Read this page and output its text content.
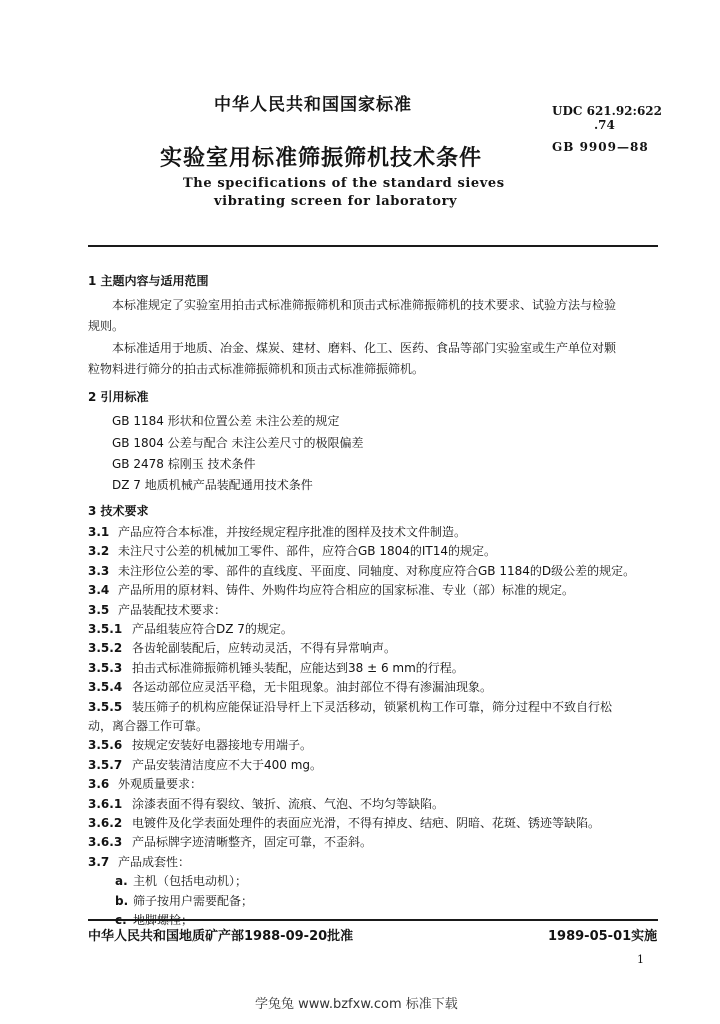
中华人民共和国国家标准	UDC 621.92:622
.74
实验室用标准筛振筛机技术条件	GB 9909—88
The specifications of the standard sieves
vibrating screen for laboratory
1 主题内容与适用范围
本标准规定了实验室用拍击式标准筛振筛机和顶击式标准筛振筛机的技术要求、试验方法与检验
规则。
本标准适用于地质、冶金、煤炭、建材、磨料、化工、医药、食品等部门实验室或生产单位对颗
粒物料进行筛分的拍击式标准筛振筛机和顶击式标准筛振筛机。
2 引用标准
GB 1184 形状和位置公差 未注公差的规定
GB 1804 公差与配合 未注公差尺寸的极限偏差
GB 2478 棕刚玉 技术条件
DZ 7 地质机械产品装配通用技术条件
3 技术要求
3.1 产品应符合本标准，并按经规定程序批准的图样及技术文件制造。
3.2 未注尺寸公差的机械加工零件、部件，应符合GB 1804的IT14的规定。
3.3 未注形位公差的零、部件的直线度、平面度、同轴度、对称度应符合GB 1184的D级公差的规定。
3.4 产品所用的原材料、铸件、外购件均应符合相应的国家标准、专业（部）标准的规定。
3.5 产品装配技术要求：
3.5.1 产品组装应符合DZ 7的规定。
3.5.2 各齿轮副装配后，应转动灵活，不得有异常响声。
3.5.3 拍击式标准筛振筛机锤头装配，应能达到38 ± 6 mm的行程。
3.5.4 各运动部位应灵活平稳，无卡阻现象。油封部位不得有渗漏油现象。
3.5.5 装压筛子的机构应能保证沿导杆上下灵活移动，锁紧机构工作可靠，筛分过程中不致自行松
动，离合器工作可靠。
3.5.6 按规定安装好电器接地专用端子。
3.5.7 产品安装清洁度应不大于400 mg。
3.6 外观质量要求：
3.6.1 涂漆表面不得有裂纹、皱折、流痕、气泡、不均匀等缺陷。
3.6.2 电镀件及化学表面处理件的表面应光滑，不得有掉皮、结疤、阴暗、花斑、锈迹等缺陷。
3.6.3 产品标牌字迹清晰整齐，固定可靠，不歪斜。
3.7 产品成套性：
中华人民共和国地质矿产部1988-09-20批准	1989-05-01实施
1
学兔兔 www.bzfxw.com 标准下载
a. 主机（包括电动机）；
b. 筛子按用户需要配备；
c. 地脚螺栓；
